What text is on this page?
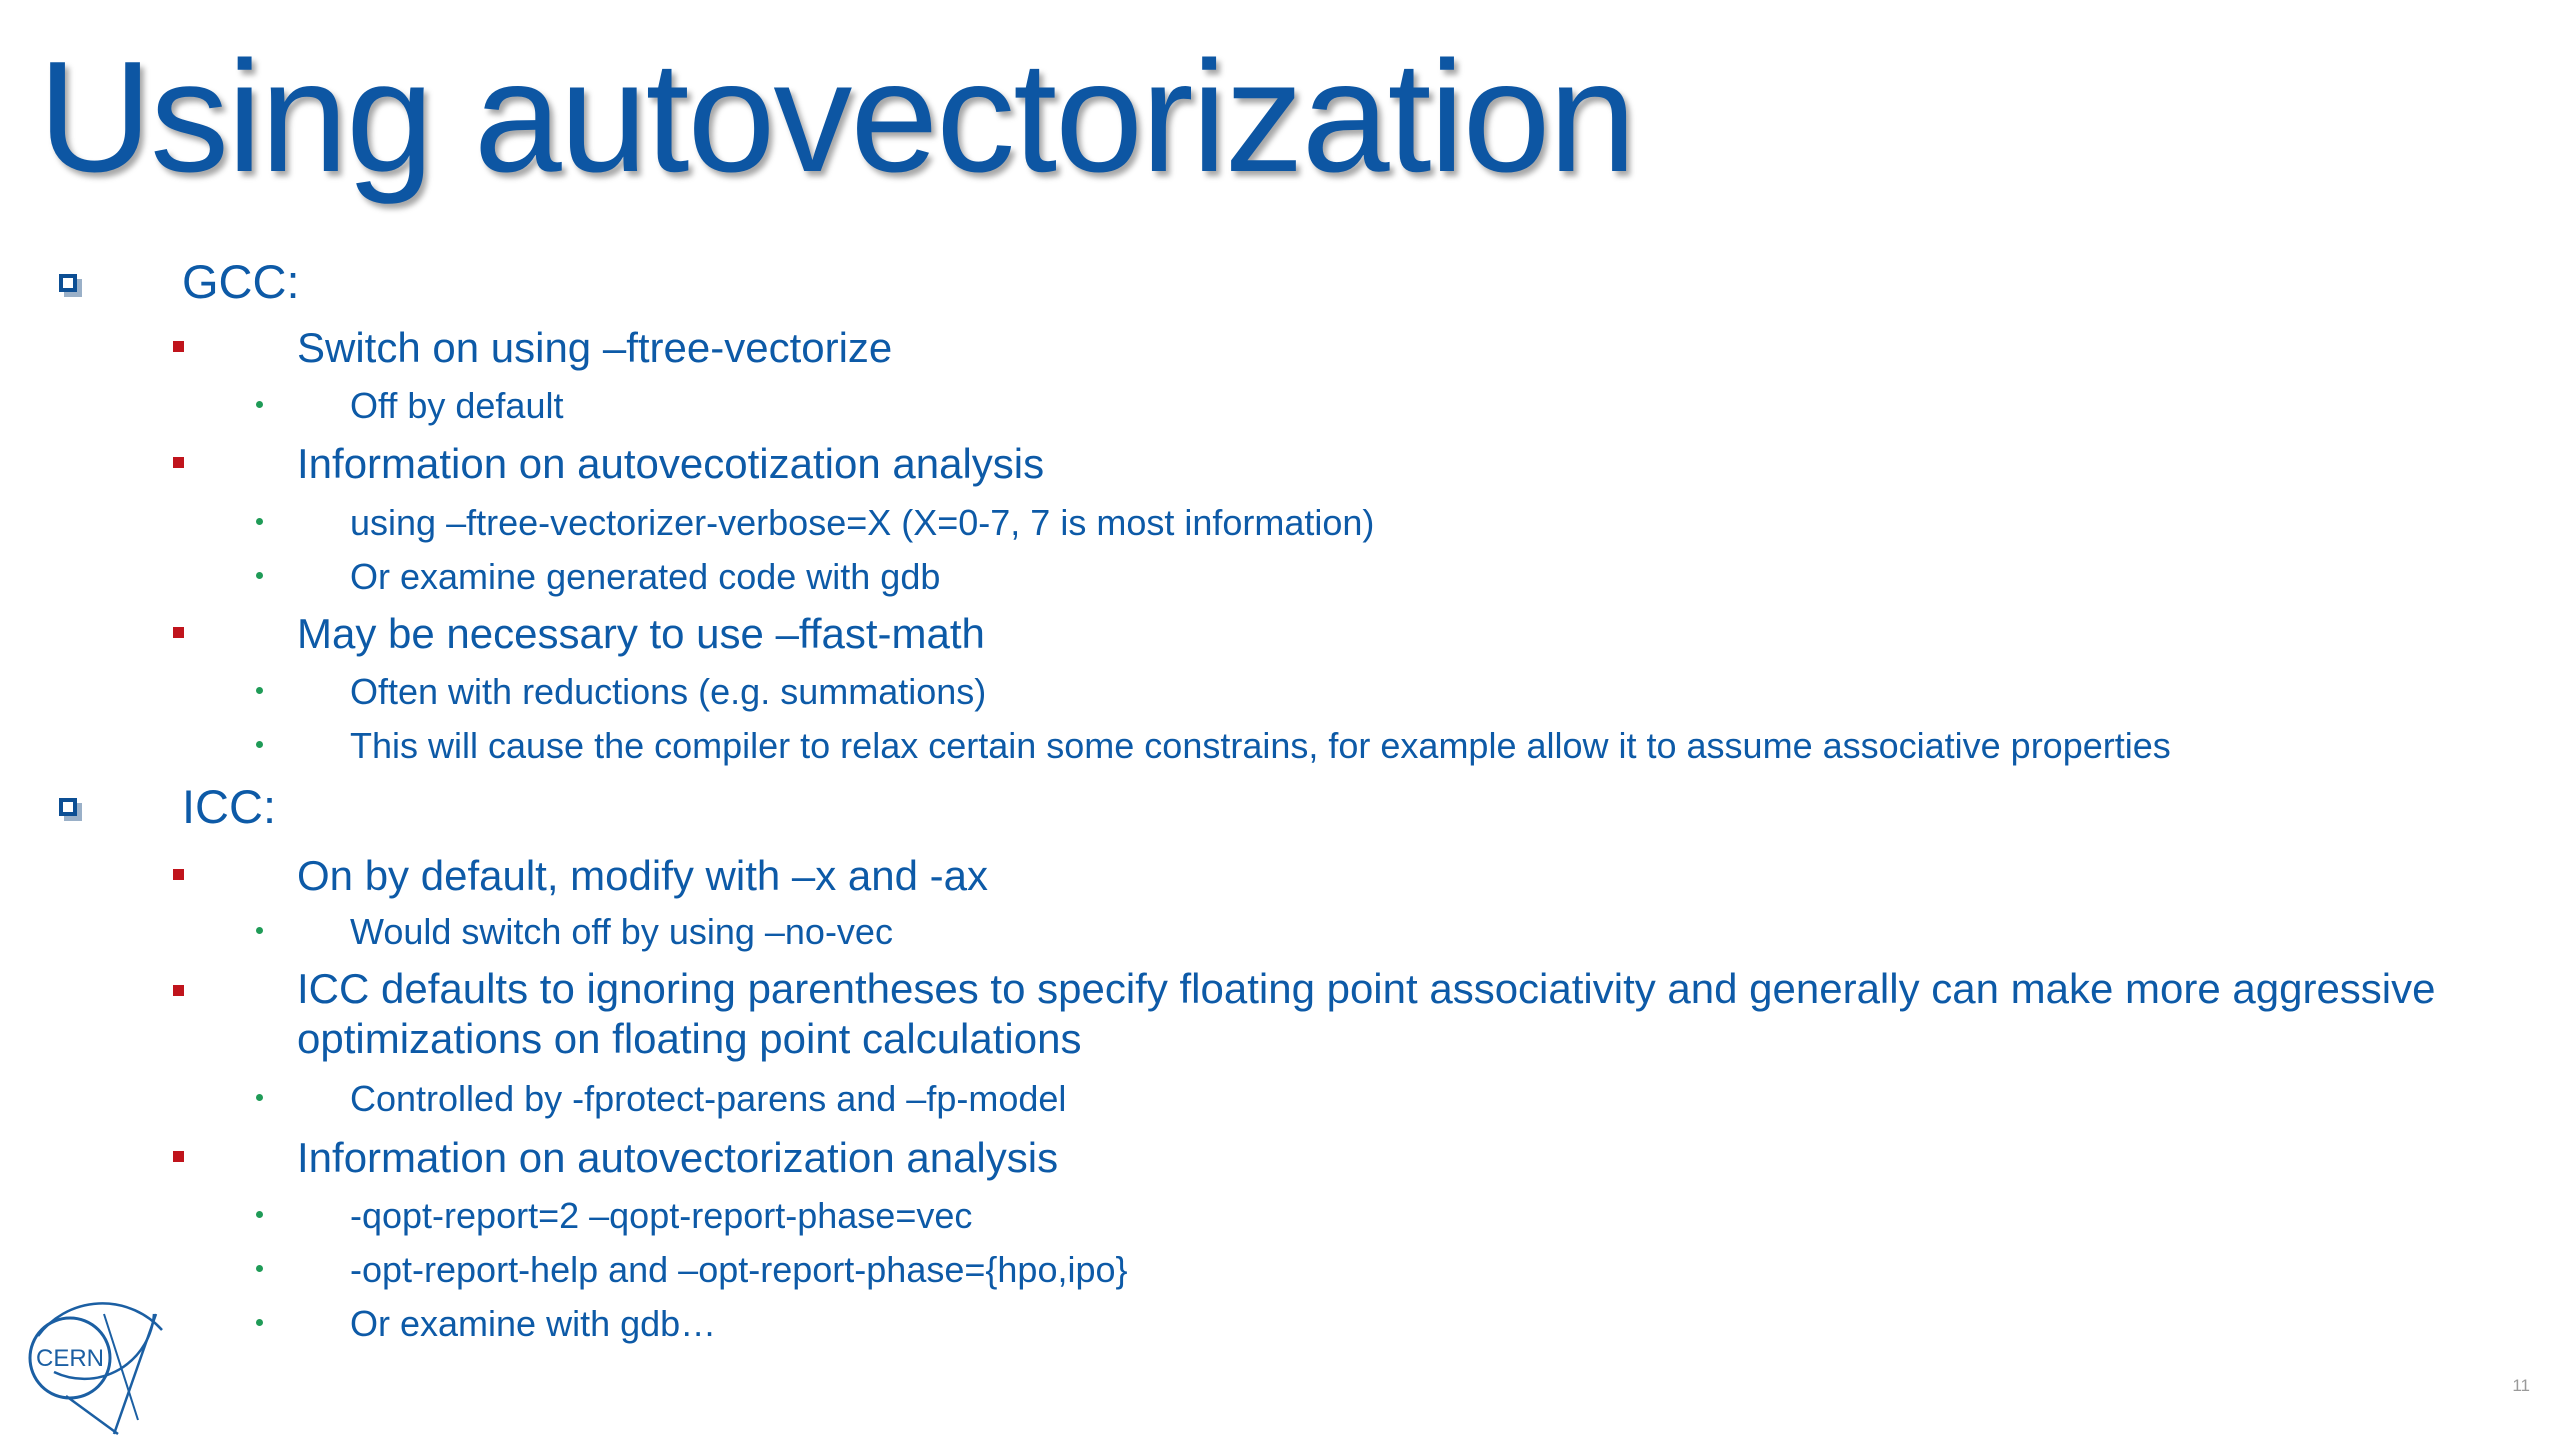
Using autovectorization
GCC:
Switch on using –ftree-vectorize
Off by default
Information on autovecotization analysis
using –ftree-vectorizer-verbose=X (X=0-7, 7 is most information)
Or examine generated code with gdb
May be necessary to use –ffast-math
Often with reductions (e.g. summations)
This will cause the compiler to relax certain some constrains, for example allow it to assume associative properties
ICC:
On by default, modify with –x and -ax
Would switch off by using –no-vec
ICC defaults to ignoring parentheses to specify floating point associativity and generally can make more aggressive optimizations on floating point calculations
Controlled by -fprotect-parens and –fp-model
Information on autovectorization analysis
-qopt-report=2 –qopt-report-phase=vec
-opt-report-help and –opt-report-phase={hpo,ipo}
Or examine with gdb…
CERN
11
